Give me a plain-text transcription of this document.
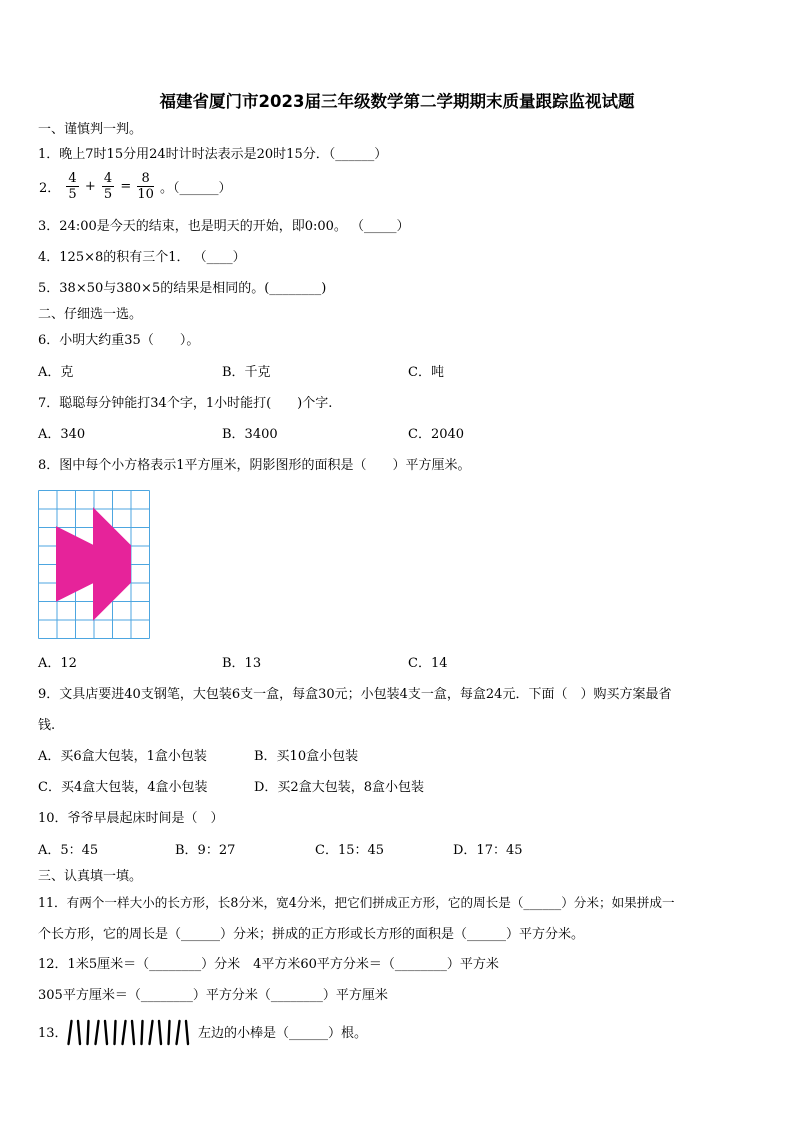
福建省厦门市2023届三年级数学第二学期期末质量跟踪监视试题
一、谨慎判一判。
1．晚上7时15分用24时计时法表示是20时15分．（______）
2． $\frac{4}{5} + \frac{4}{5} = \frac{8}{10}$ 。（______）
3．24:00是今天的结束，也是明天的开始，即0:00。 （_____）
4．125×8的积有三个1． （____）
5．38×50与380×5的结果是相同的。(________)
二、仔细选一选。
6．小明大约重35（　　）。
A．克	B．千克	C．吨
7．聪聪每分钟能打34个字，1小时能打(　　)个字.
A．340	B．3400	C．2040
8．图中每个小方格表示1平方厘米，阴影图形的面积是（　　）平方厘米。
A．12	B．13	C．14
9．文具店要进40支钢笔，大包装6支一盒，每盒30元；小包装4支一盒，每盒24元．下面（　）购买方案最省
钱.
A．买6盒大包装，1盒小包装	B．买10盒小包装
C．买4盒大包装，4盒小包装	D．买2盒大包装，8盒小包装
10．爷爷早晨起床时间是（　）
A．5：45	B．9：27	C．15：45	D．17：45
三、认真填一填。
11．有两个一样大小的长方形，长8分米，宽4分米，把它们拼成正方形，它的周长是（______）分米；如果拼成一
个长方形，它的周长是（______）分米；拼成的正方形或长方形的面积是（______）平方分米。
12．1米5厘米＝（________）分米　4平方米60平方分米＝（________）平方米
305平方厘米＝（________）平方分米（________）平方厘米
13．	左边的小棒是（______）根。
